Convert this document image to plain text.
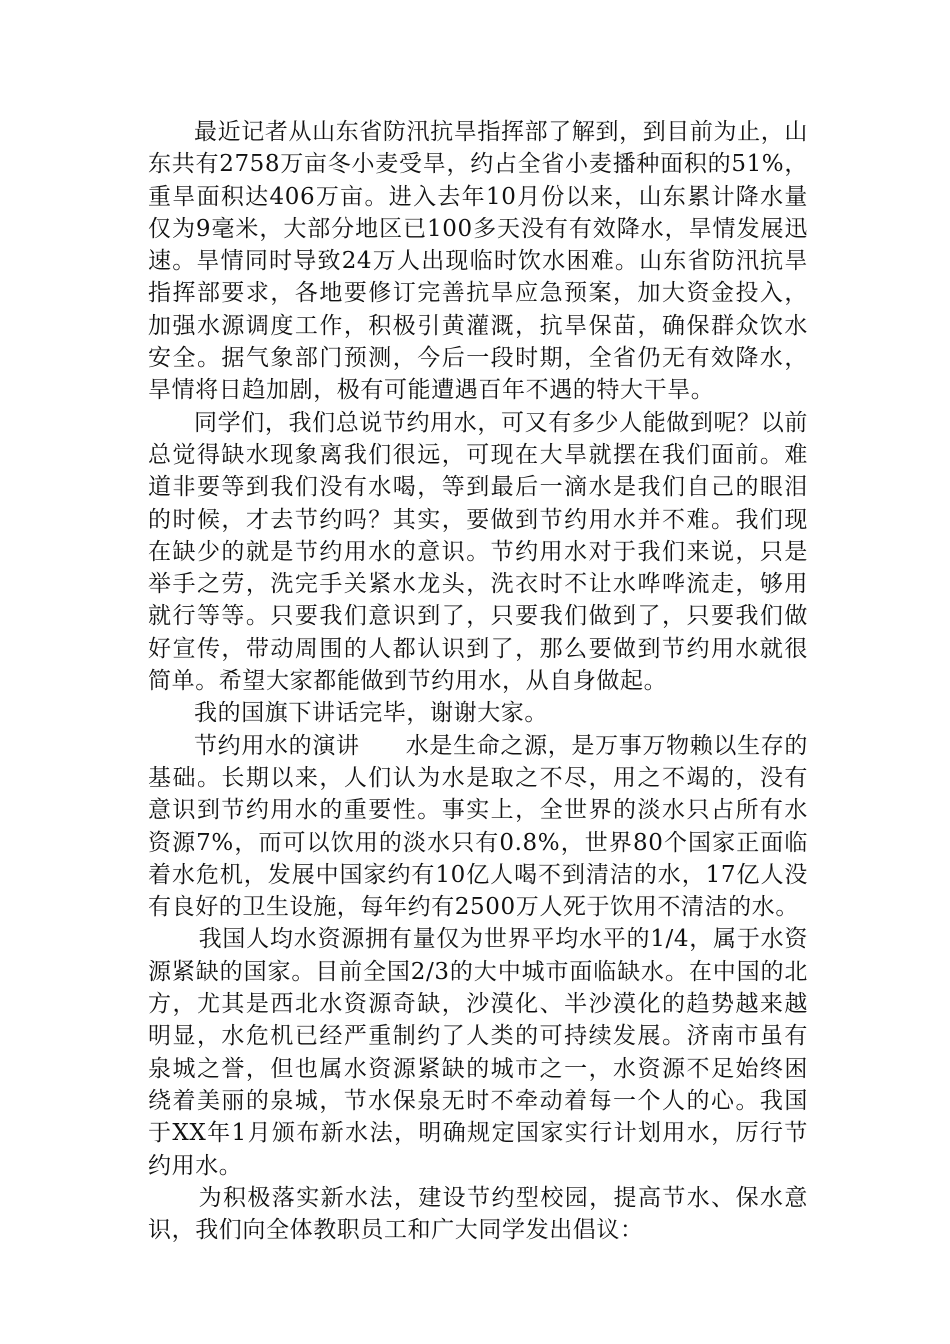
最近记者从山东省防汛抗旱指挥部了解到，到目前为止，山东共有2758万亩冬小麦受旱，约占全省小麦播种面积的51%，重旱面积达406万亩。进入去年10月份以来，山东累计降水量仅为9毫米，大部分地区已100多天没有有效降水，旱情发展迅速。旱情同时导致24万人出现临时饮水困难。山东省防汛抗旱指挥部要求，各地要修订完善抗旱应急预案，加大资金投入，加强水源调度工作，积极引黄灌溉，抗旱保苗，确保群众饮水安全。据气象部门预测，今后一段时期，全省仍无有效降水，旱情将日趋加剧，极有可能遭遇百年不遇的特大干旱。

同学们，我们总说节约用水，可又有多少人能做到呢？以前总觉得缺水现象离我们很远，可现在大旱就摆在我们面前。难道非要等到我们没有水喝，等到最后一滴水是我们自己的眼泪的时候，才去节约吗？其实，要做到节约用水并不难。我们现在缺少的就是节约用水的意识。节约用水对于我们来说，只是举手之劳，洗完手关紧水龙头，洗衣时不让水哗哗流走，够用就行等等。只要我们意识到了，只要我们做到了，只要我们做好宣传，带动周围的人都认识到了，那么要做到节约用水就很简单。希望大家都能做到节约用水，从自身做起。

我的国旗下讲话完毕，谢谢大家。

节约用水的演讲 水是生命之源，是万事万物赖以生存的基础。长期以来，人们认为水是取之不尽，用之不竭的，没有意识到节约用水的重要性。事实上，全世界的淡水只占所有水资源7%，而可以饮用的淡水只有0.8%，世界80个国家正面临着水危机，发展中国家约有10亿人喝不到清洁的水，17亿人没有良好的卫生设施，每年约有2500万人死于饮用不清洁的水。

我国人均水资源拥有量仅为世界平均水平的1/4，属于水资源紧缺的国家。目前全国2/3的大中城市面临缺水。在中国的北方，尤其是西北水资源奇缺，沙漠化、半沙漠化的趋势越来越明显，水危机已经严重制约了人类的可持续发展。济南市虽有泉城之誉，但也属水资源紧缺的城市之一，水资源不足始终困绕着美丽的泉城，节水保泉无时不牵动着每一个人的心。我国于XX年1月颁布新水法，明确规定国家实行计划用水，厉行节约用水。

为积极落实新水法，建设节约型校园，提高节水、保水意识，我们向全体教职员工和广大同学发出倡议：
